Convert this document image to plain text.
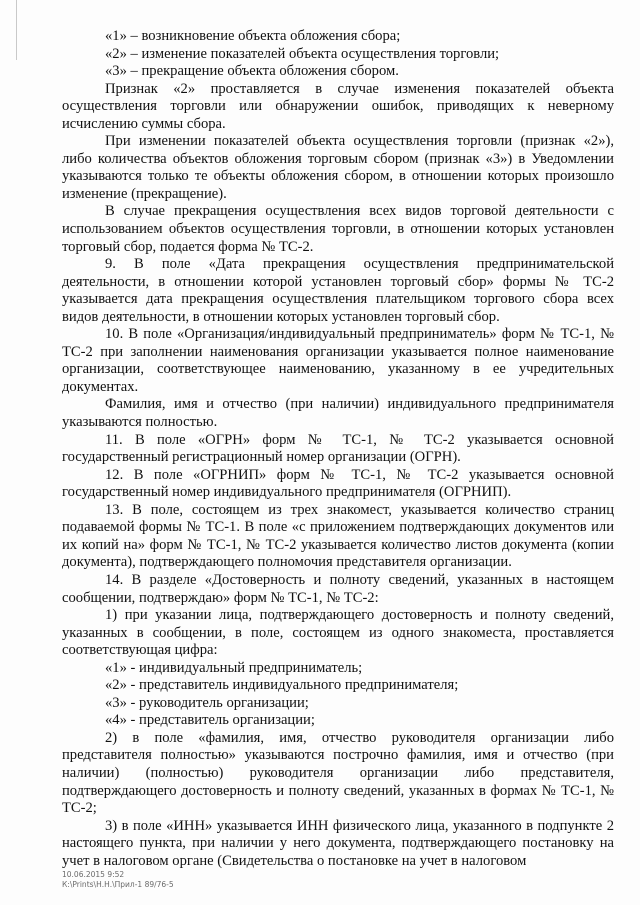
«1» – возникновение объекта обложения сбора;

«2» – изменение показателей объекта осуществления торговли;

«3» – прекращение объекта обложения сбором.

Признак «2» проставляется в случае изменения показателей объекта осуществления торговли или обнаружении ошибок, приводящих к неверному исчислению суммы сбора.

При изменении показателей объекта осуществления торговли (признак «2»), либо количества объектов обложения торговым сбором (признак «3») в Уведомлении указываются только те объекты обложения сбором, в отношении которых произошло изменение (прекращение).

В случае прекращения осуществления всех видов торговой деятельности с использованием объектов осуществления торговли, в отношении которых установлен торговый сбор, подается форма № ТС-2.

9. В поле «Дата прекращения осуществления предпринимательской деятельности, в отношении которой установлен торговый сбор» формы № ТС-2 указывается дата прекращения осуществления плательщиком торгового сбора всех видов деятельности, в отношении которых установлен торговый сбор.

10. В поле «Организация/индивидуальный предприниматель» форм № ТС-1, № ТС-2 при заполнении наименования организации указывается полное наименование организации, соответствующее наименованию, указанному в ее учредительных документах.

Фамилия, имя и отчество (при наличии) индивидуального предпринимателя указываются полностью.

11. В поле «ОГРН» форм № ТС-1, № ТС-2 указывается основной государственный регистрационный номер организации (ОГРН).

12. В поле «ОГРНИП» форм № ТС-1, № ТС-2 указывается основной государственный номер индивидуального предпринимателя (ОГРНИП).

13. В поле, состоящем из трех знакомест, указывается количество страниц подаваемой формы № ТС-1. В поле «с приложением подтверждающих документов или их копий на» форм № ТС-1, № ТС-2 указывается количество листов документа (копии документа), подтверждающего полномочия представителя организации.

14. В разделе «Достоверность и полноту сведений, указанных в настоящем сообщении, подтверждаю» форм № ТС-1, № ТС-2:

1) при указании лица, подтверждающего достоверность и полноту сведений, указанных в сообщении, в поле, состоящем из одного знакоместа, проставляется соответствующая цифра:

«1» - индивидуальный предприниматель;

«2» - представитель индивидуального предпринимателя;

«3» - руководитель организации;

«4» - представитель организации;

2) в поле «фамилия, имя, отчество руководителя организации либо представителя полностью» указываются построчно фамилия, имя и отчество (при наличии) (полностью) руководителя организации либо представителя, подтверждающего достоверность и полноту сведений, указанных в формах № ТС-1, № ТС-2;

3) в поле «ИНН» указывается ИНН физического лица, указанного в подпункте 2 настоящего пункта, при наличии у него документа, подтверждающего постановку на учет в налоговом органе (Свидетельства о постановке на учет в налоговом

10.06.2015 9:52
К:\Prints\Н.Н.\Прил-1 89/76-5
